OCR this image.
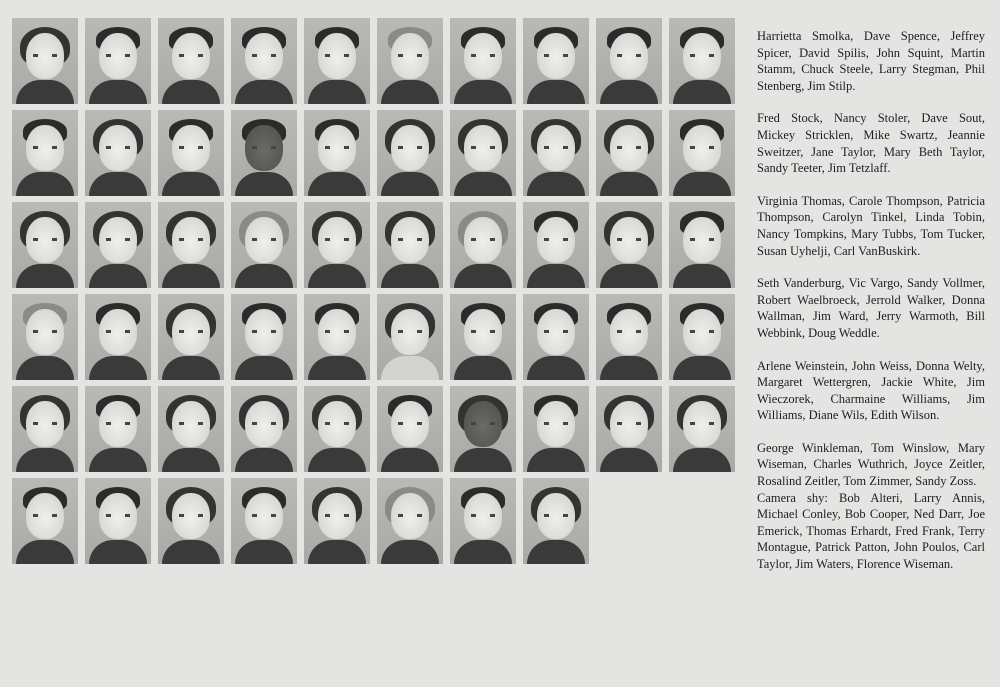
Harrietta Smolka, Dave Spence, Jeffrey Spicer, David Spilis, John Squint, Martin Stamm, Chuck Steele, Larry Stegman, Phil Stenberg, Jim Stilp.

Fred Stock, Nancy Stoler, Dave Sout, Mickey Stricklen, Mike Swartz, Jeannie Sweitzer, Jane Taylor, Mary Beth Taylor, Sandy Teeter, Jim Tetzlaff.

Virginia Thomas, Carole Thompson, Patricia Thompson, Carolyn Tinkel, Linda Tobin, Nancy Tompkins, Mary Tubbs, Tom Tucker, Susan Uyhelji, Carl VanBuskirk.

Seth Vanderburg, Vic Vargo, Sandy Vollmer, Robert Waelbroeck, Jerrold Walker, Donna Wallman, Jim Ward, Jerry Warmoth, Bill Webbink, Doug Weddle.

Arlene Weinstein, John Weiss, Donna Welty, Margaret Wettergren, Jackie White, Jim Wieczorek, Charmaine Williams, Jim Williams, Diane Wils, Edith Wilson.

George Winkleman, Tom Winslow, Mary Wiseman, Charles Wuthrich, Joyce Zeitler, Rosalind Zeitler, Tom Zimmer, Sandy Zoss.

Camera shy: Bob Alteri, Larry Annis, Michael Conley, Bob Cooper, Ned Darr, Joe Emerick, Thomas Erhardt, Fred Frank, Terry Montague, Patrick Patton, John Poulos, Carl Taylor, Jim Waters, Florence Wiseman.
